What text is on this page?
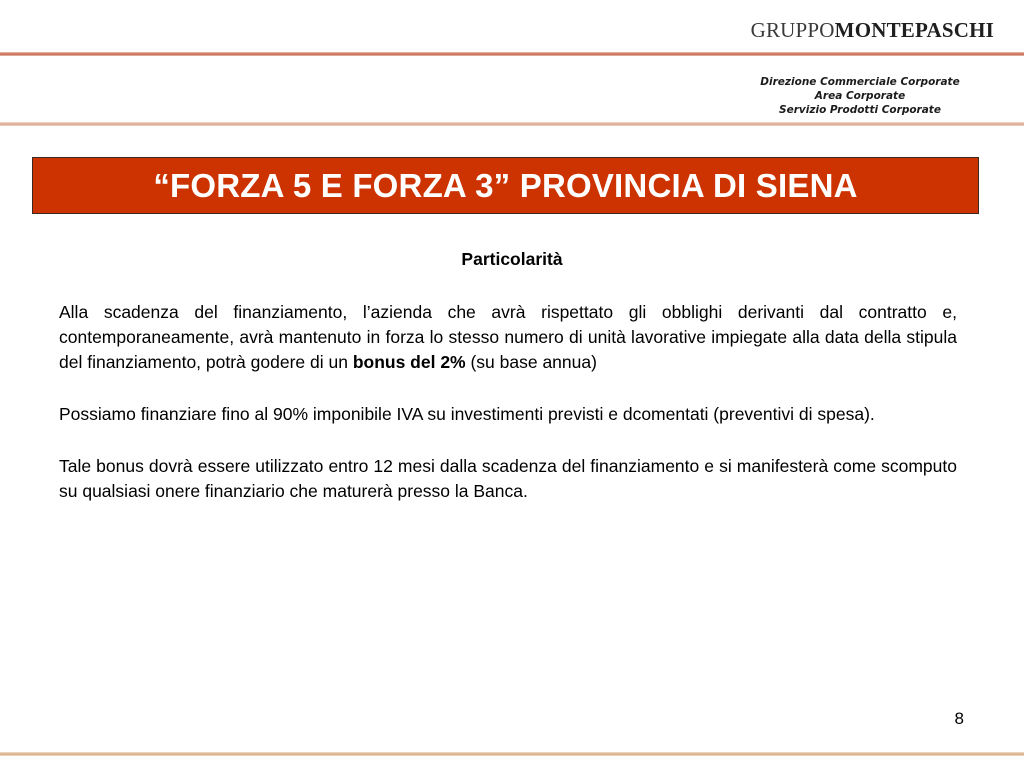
GRUPPOMONTEPASCHI
Direzione Commerciale Corporate
Area Corporate
Servizio Prodotti Corporate
“FORZA 5 E FORZA 3” PROVINCIA DI SIENA
Particolarità

Alla scadenza del finanziamento, l’azienda che avrà rispettato gli obblighi derivanti dal contratto e, contemporaneamente, avrà mantenuto in forza lo stesso numero di unità lavorative impiegate alla data della stipula del finanziamento, potrà godere di un bonus del 2% (su base annua)

Possiamo finanziare fino al 90% imponibile IVA su investimenti previsti e dcomentati (preventivi di spesa).

Tale bonus dovrà essere utilizzato entro 12 mesi dalla scadenza del finanziamento e si manifesterà come scomputo su qualsiasi onere finanziario che maturerà presso la Banca.

8
